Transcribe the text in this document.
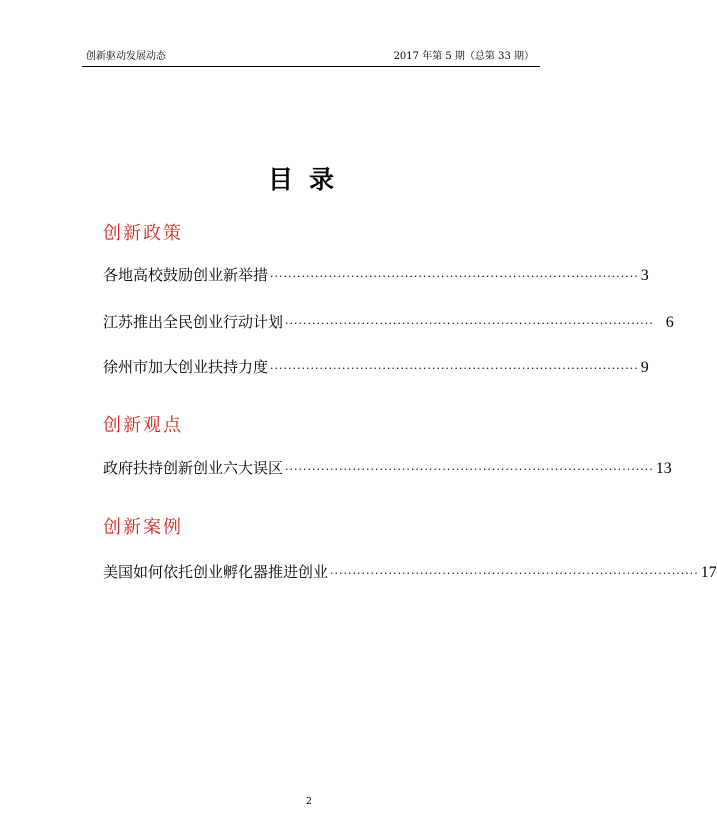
创新驱动发展动态	2017 年第 5 期（总第 33 期）
目录
创新政策
各地高校鼓励创业新举措 ·················································································· 3
江苏推出全民创业行动计划 ·················································································· 6
徐州市加大创业扶持力度 ·················································································· 9
创新观点
政府扶持创新创业六大误区 ·················································································· 13
创新案例
美国如何依托创业孵化器推进创业 ·················································································· 17
2
